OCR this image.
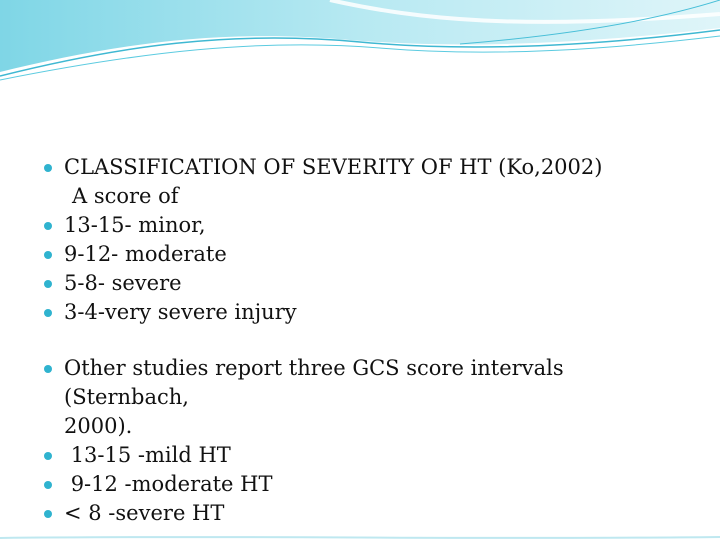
CLASSIFICATION OF SEVERITY OF HT (Ko,2002)
A score of
13-15- minor,
9-12- moderate
5-8- severe
3-4-very severe injury
Other studies report three GCS score intervals (Sternbach,
2000).
13-15 -mild HT
9-12 -moderate HT
< 8 -severe HT
